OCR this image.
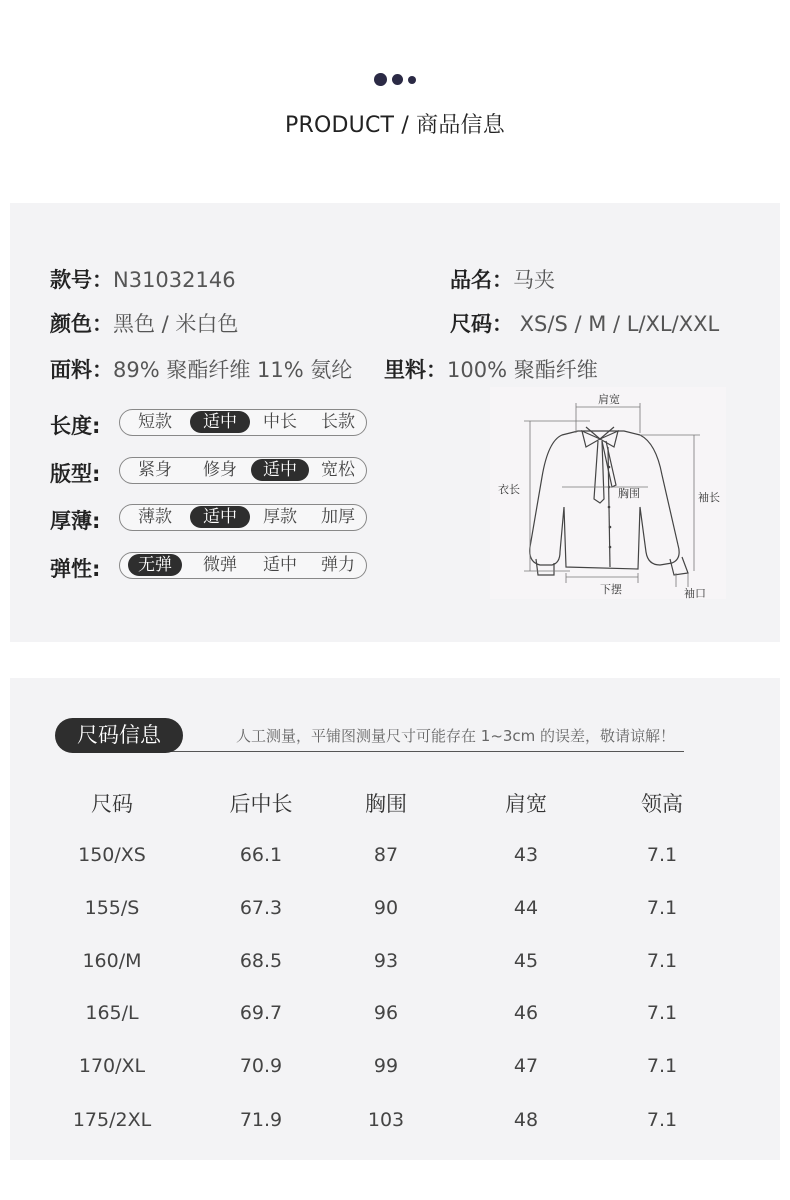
PRODUCT / 商品信息
款号：N31032146	品名：马夹
颜色：黑色 / 米白色	尺码： XS/S / M / L/XL/XXL
面料：89% 聚酯纤维 11% 氨纶 里料：100% 聚酯纤维
长度:	短款	适中	中长	长款
版型:	紧身	修身	适中	宽松
厚薄:	薄款	适中	厚款	加厚
弹性:	无弹	微弹	适中	弹力
肩宽
衣长	胸围	袖长
下摆	袖口
尺码信息	人工测量，平铺图测量尺寸可能存在 1~3cm 的误差，敬请谅解！
尺码	后中长	胸围	肩宽	领高
150/XS	66.1	87	43	7.1
155/S	67.3	90	44	7.1
160/M	68.5	93	45	7.1
165/L	69.7	96	46	7.1
170/XL	70.9	99	47	7.1
175/2XL	71.9	103	48	7.1
